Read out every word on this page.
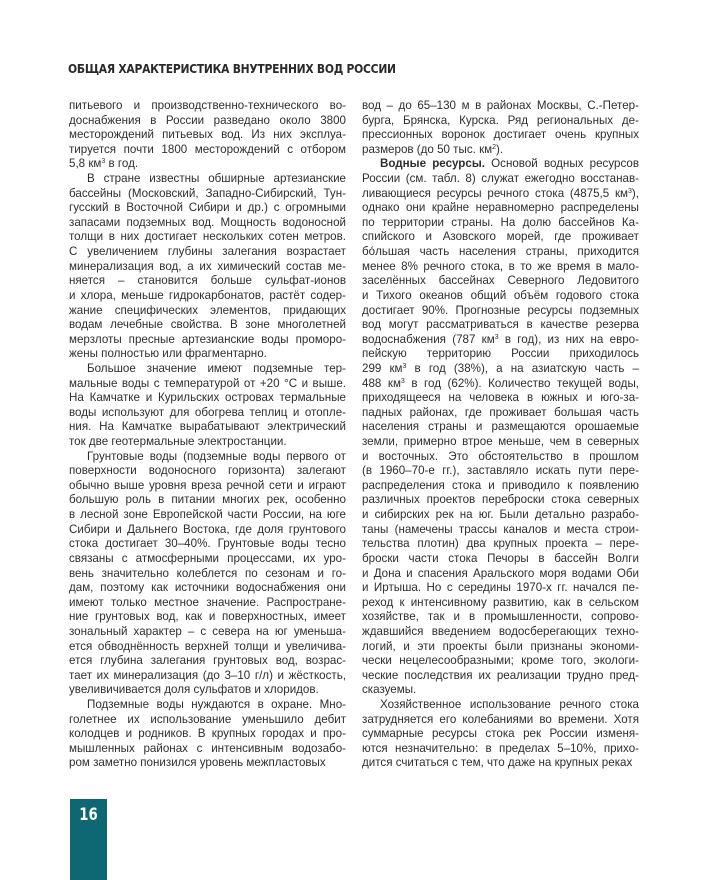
ОБЩАЯ ХАРАКТЕРИСТИКА ВНУТРЕННИХ ВОД РОССИИ
питьевого и производственно-технического во-
доснабжения в России разведано около 3800
месторождений питьевых вод. Из них эксплуа-
тируется почти 1800 месторождений с отбором
5,8 $км^3$ в год.
В стране известны обширные артезианские
бассейны (Московский, Западно-Сибирский, Тун-
гусский в Восточной Сибири и др.) с огромными
запасами подземных вод. Мощность водоносной
толщи в них достигает нескольких сотен метров.
С увеличением глубины залегания возрастает
минерализация вод, а их химический состав ме-
няется – становится больше сульфат-ионов
и хлора, меньше гидрокарбонатов, растёт содер-
жание специфических элементов, придающих
водам лечебные свойства. В зоне многолетней
мерзлоты пресные артезианские воды проморо-
жены полностью или фрагментарно.
Большое значение имеют подземные тер-
мальные воды с температурой от +20 °С и выше.
На Камчатке и Курильских островах термальные
воды используют для обогрева теплиц и отопле-
ния. На Камчатке вырабатывают электрический
ток две геотермальные электростанции.
Грунтовые воды (подземные воды первого от
поверхности водоносного горизонта) залегают
обычно выше уровня вреза речной сети и играют
большую роль в питании многих рек, особенно
в лесной зоне Европейской части России, на юге
Сибири и Дальнего Востока, где доля грунтового
стока достигает 30–40%. Грунтовые воды тесно
связаны с атмосферными процессами, их уро-
вень значительно колеблется по сезонам и го-
дам, поэтому как источники водоснабжения они
имеют только местное значение. Распростране-
ние грунтовых вод, как и поверхностных, имеет
зональный характер – с севера на юг уменьша-
ется обводнённость верхней толщи и увеличива-
ется глубина залегания грунтовых вод, возрас-
тает их минерализация (до 3–10 г/л) и жёсткость,
увеливичивается доля сульфатов и хлоридов.
Подземные воды нуждаются в охране. Мно-
голетнее их использование уменьшило дебит
колодцев и родников. В крупных городах и про-
мышленных районах с интенсивным водозабо-
ром заметно понизился уровень межпластовых
вод – до 65–130 м в районах Москвы, С.-Петер-
бурга, Брянска, Курска. Ряд региональных де-
прессионных воронок достигает очень крупных
размеров (до 50 тыс. $км^2$).
Водные ресурсы. Основой водных ресурсов
России (см. табл. 8) служат ежегодно восстанав-
ливающиеся ресурсы речного стока (4875,5 $км^3$),
однако они крайне неравномерно распределены
по территории страны. На долю бассейнов Ка-
спийского и Азовского морей, где проживает
бóльшая часть населения страны, приходится
менее 8% речного стока, в то же время в мало-
заселённых бассейнах Северного Ледовитого
и Тихого океанов общий объём годового стока
достигает 90%. Прогнозные ресурсы подземных
вод могут рассматриваться в качестве резерва
водоснабжения (787 $км^3$ в год), из них на евро-
пейскую территорию России приходилось
299 $км^3$ в год (38%), а на азиатскую часть –
488 $км^3$ в год (62%). Количество текущей воды,
приходящееся на человека в южных и юго-за-
падных районах, где проживает большая часть
населения страны и размещаются орошаемые
земли, примерно втрое меньше, чем в северных
и восточных. Это обстоятельство в прошлом
(в 1960–70-е гг.), заставляло искать пути пере-
распределения стока и приводило к появлению
различных проектов переброски стока северных
и сибирских рек на юг. Были детально разрабо-
таны (намечены трассы каналов и места строи-
тельства плотин) два крупных проекта – пере-
броски части стока Печоры в бассейн Волги
и Дона и спасения Аральского моря водами Оби
и Иртыша. Но с середины 1970-х гг. начался пе-
реход к интенсивному развитию, как в сельском
хозяйстве, так и в промышленности, сопрово-
ждавшийся введением водосберегающих техно-
логий, и эти проекты были признаны экономи-
чески нецелесообразными; кроме того, экологи-
ческие последствия их реализации трудно пред-
сказуемы.
Хозяйственное использование речного стока
затрудняется его колебаниями во времени. Хотя
суммарные ресурсы стока рек России изменя-
ются незначительно: в пределах 5–10%, прихо-
дится считаться с тем, что даже на крупных реках
16
